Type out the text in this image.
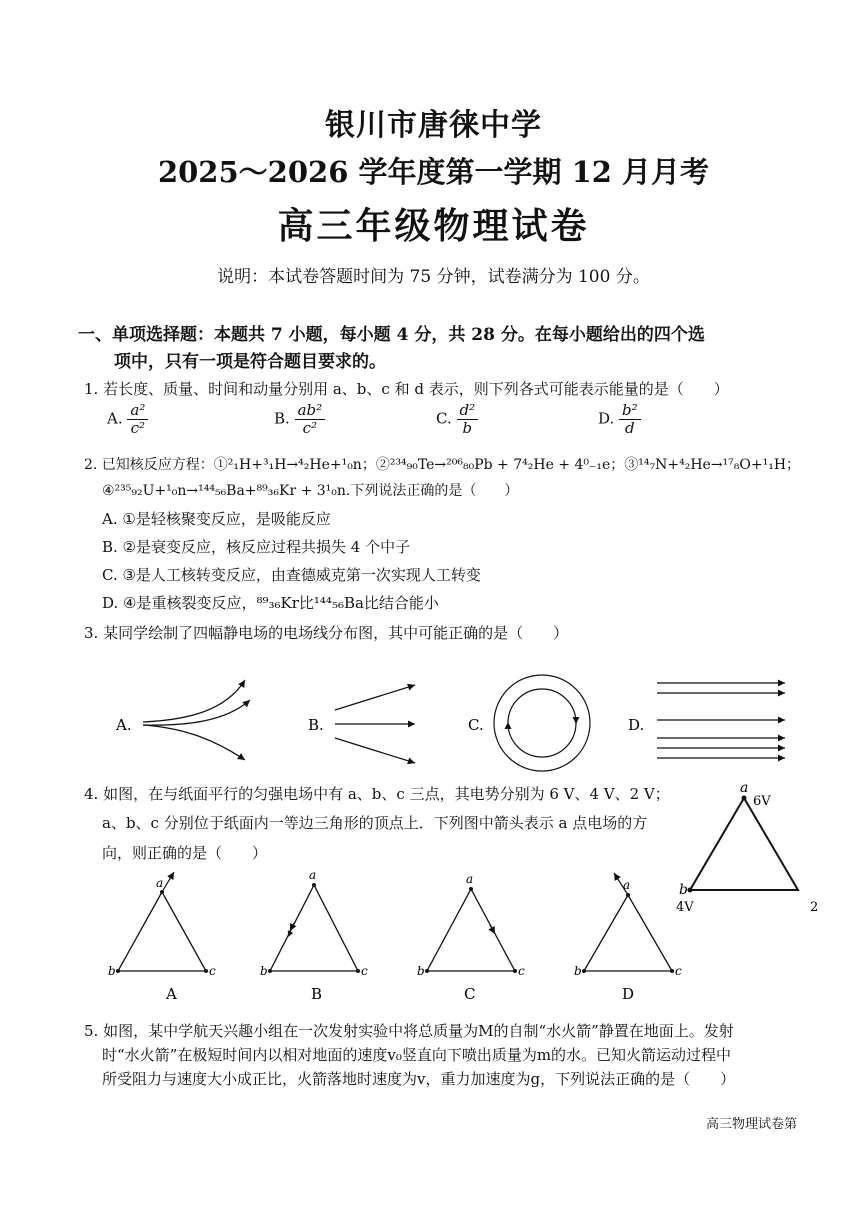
银川市唐徕中学
2025～2026 学年度第一学期 12 月月考
高三年级物理试卷
说明：本试卷答题时间为 75 分钟，试卷满分为 100 分。
一、单项选择题：本题共 7 小题，每小题 4 分，共 28 分。在每小题给出的四个选
项中，只有一项是符合题目要求的。
1. 若长度、质量、时间和动量分别用 a、b、c 和 d 表示，则下列各式可能表示能量的是（　　）
A. $\frac{\text{a²}}{\text{c²}}$	B. $\frac{\text{ab²}}{\text{c²}}$	C. $\frac{\text{d²}}{b}$	D. $\frac{\text{b²}}{d}$
2. 已知核反应方程：①²₁H+³₁H→⁴₂He+¹₀n；②²³⁴₉₀Te→²⁰⁶₈₀Pb + 7⁴₂He + 4⁰₋₁e；③¹⁴₇N+⁴₂He→¹⁷₈O+¹₁H；
④²³⁵₉₂U+¹₀n→¹⁴⁴₅₆Ba+⁸⁹₃₆Kr + 3¹₀n.下列说法正确的是（　　）
A. ①是轻核聚变反应，是吸能反应
B. ②是衰变反应，核反应过程共损失 4 个中子
C. ③是人工核转变反应，由查德威克第一次实现人工转变
D. ④是重核裂变反应，⁸⁹₃₆Kr比¹⁴⁴₅₆Ba比结合能小
3. 某同学绘制了四幅静电场的电场线分布图，其中可能正确的是（　　）
A.	B.	C.	D.
4. 如图，在与纸面平行的匀强电场中有 a、b、c 三点，其电势分别为 6 V、4 V、2 V；
a、b、c 分别位于纸面内一等边三角形的顶点上．下列图中箭头表示 a 点电场的方
向，则正确的是（　　）
a
6V
b
4V	2
a
b	c
A
a
b	c
B
a
b	c
C
a
b	c
D
5. 如图，某中学航天兴趣小组在一次发射实验中将总质量为M的自制“水火箭”静置在地面上。发射
时“水火箭”在极短时间内以相对地面的速度v₀竖直向下喷出质量为m的水。已知火箭运动过程中
所受阻力与速度大小成正比，火箭落地时速度为v，重力加速度为g，下列说法正确的是（　　）
高三物理试卷第
